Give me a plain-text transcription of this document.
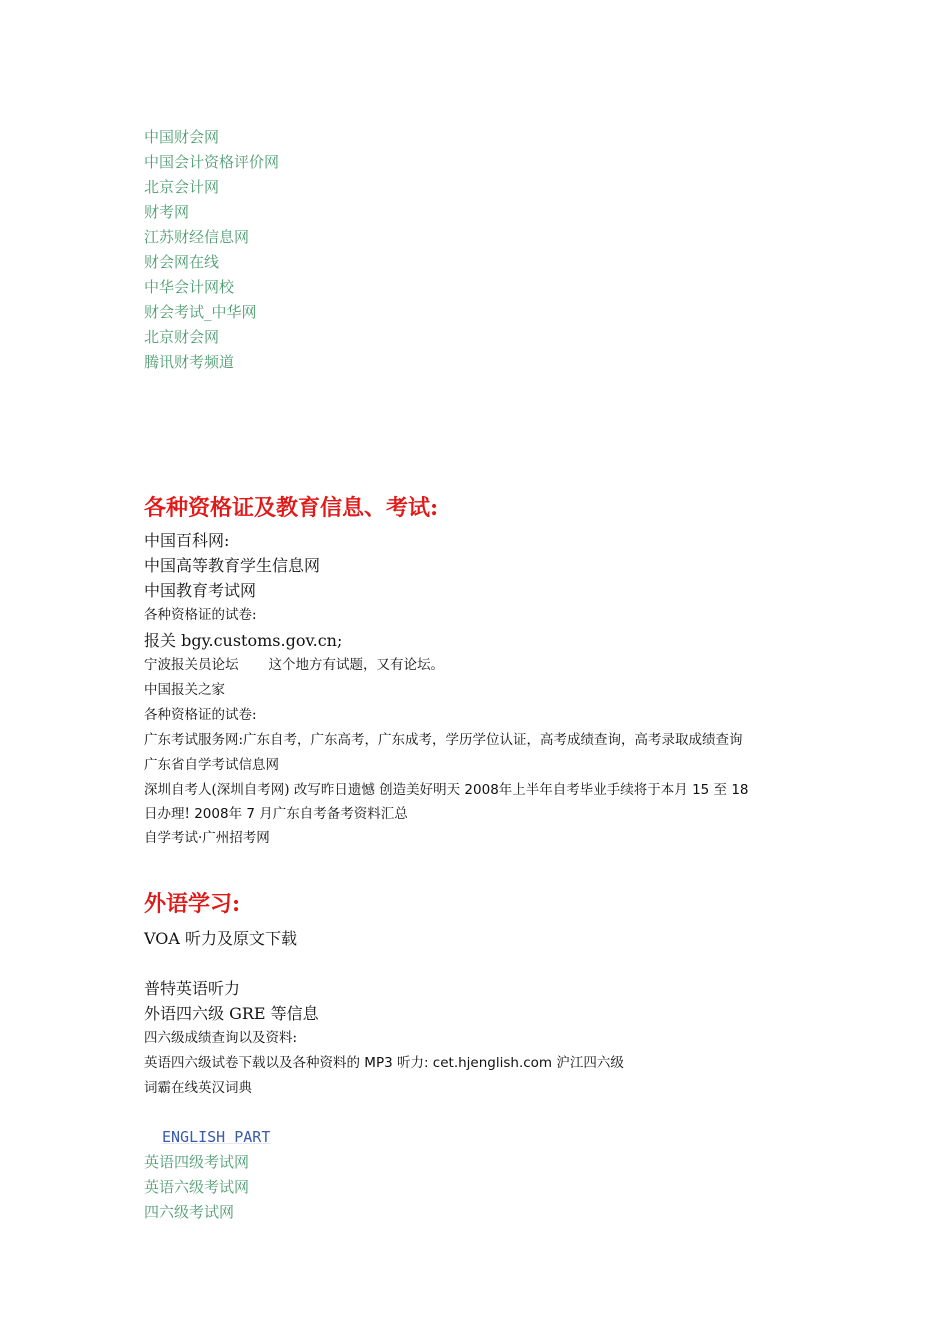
中国财会网
中国会计资格评价网
北京会计网
财考网
江苏财经信息网
财会网在线
中华会计网校
财会考试_中华网
北京财会网
腾讯财考频道
各种资格证及教育信息、考试:
中国百科网:
中国高等教育学生信息网
中国教育考试网
各种资格证的试卷:
报关 bgy.customs.gov.cn;
宁波报关员论坛 这个地方有试题，又有论坛。
中国报关之家
各种资格证的试卷:
广东考试服务网:广东自考，广东高考，广东成考，学历学位认证，高考成绩查询，高考录取成绩查询
广东省自学考试信息网
深圳自考人(深圳自考网) 改写昨日遗憾 创造美好明天 2008年上半年自考毕业手续将于本月 15 至 18
日办理! 2008年 7 月广东自考备考资料汇总
自学考试·广州招考网
外语学习:
VOA 听力及原文下载
普特英语听力
外语四六级 GRE 等信息
四六级成绩查询以及资料:
英语四六级试卷下载以及各种资料的 MP3 听力: cet.hjenglish.com 沪江四六级
词霸在线英汉词典
ENGLISH PART
英语四级考试网
英语六级考试网
四六级考试网
